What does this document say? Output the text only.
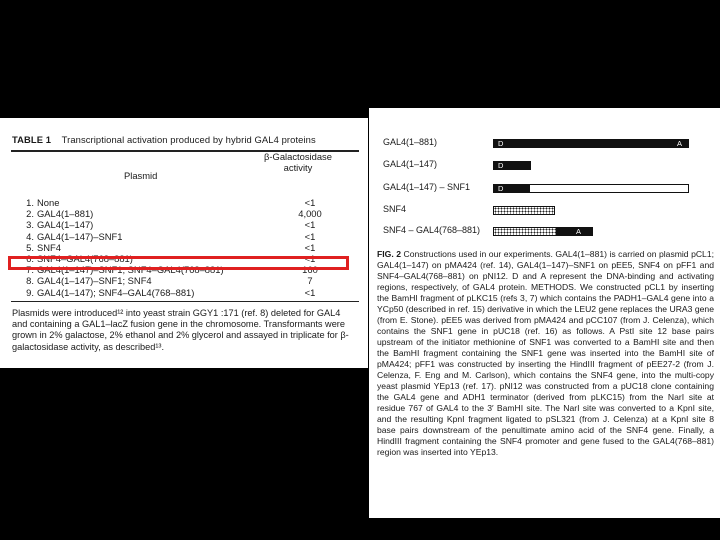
TABLE 1 Transcriptional activation produced by hybrid GAL4 proteins
β-Galactosidase
activity
Plasmid
1. None	<1
2. GAL4(1–881)	4,000
3. GAL4(1–147)	<1
4. GAL4(1–147)–SNF1	<1
5. SNF4	<1
6. SNF4–GAL4(768–881)	<1
7. GAL4(1–147)–SNF1; SNF4–GAL4(768–881)	160
8. GAL4(1–147)–SNF1; SNF4	7
9. GAL4(1–147); SNF4–GAL4(768–881)	<1
Plasmids were introduced¹² into yeast strain GGY1 :171 (ref. 8) deleted for GAL4 and containing a GAL1–lacZ fusion gene in the chromosome. Transformants were grown in 2% galactose, 2% ethanol and 2% glycerol and assayed in triplicate for β-galactosidase activity, as described¹³.
GAL4(1–881)	D	A
GAL4(1–147)	D
GAL4(1–147) – SNF1	D
SNF4
SNF4 – GAL4(768–881)	A
FIG. 2 Constructions used in our experiments. GAL4(1–881) is carried on plasmid pCL1; GAL4(1–147) on pMA424 (ref. 14), GAL4(1–147)–SNF1 on pEE5, SNF4 on pFF1 and SNF4–GAL4(768–881) on pNI12. D and A represent the DNA-binding and activating regions, respectively, of GAL4 protein. METHODS. We constructed pCL1 by inserting the BamHI fragment of pLKC15 (refs 3, 7) which contains the PADH1–GAL4 gene into a YCp50 (described in ref. 15) derivative in which the LEU2 gene replaces the URA3 gene (from E. Stone). pEE5 was derived from pMA424 and pCC107 (from J. Celenza), which contains the SNF1 gene in pUC18 (ref. 16) as follows. A PstI site 12 base pairs upstream of the initiator methionine of SNF1 was converted to a BamHI site and then the BamHI fragment containing the SNF1 gene was inserted into the BamHI site of pMA424; pFF1 was constructed by inserting the HindIII fragment of pEE27-2 (from J. Celenza, F. Eng and M. Carlson), which contains the SNF4 gene, into the multi-copy yeast plasmid YEp13 (ref. 17). pNI12 was constructed from a pUC18 clone containing the GAL4 gene and ADH1 terminator (derived from pLKC15) from the NarI site at residue 767 of GAL4 to the 3′ BamHI site. The NarI site was converted to a KpnI site, and the resulting KpnI fragment ligated to pSL321 (from J. Celenza) at a KpnI site 8 base pairs downstream of the penultimate amino acid of the SNF4 gene. Finally, a HindIII fragment containing the SNF4 promoter and gene fused to the GAL4(768–881) region was inserted into YEp13.
